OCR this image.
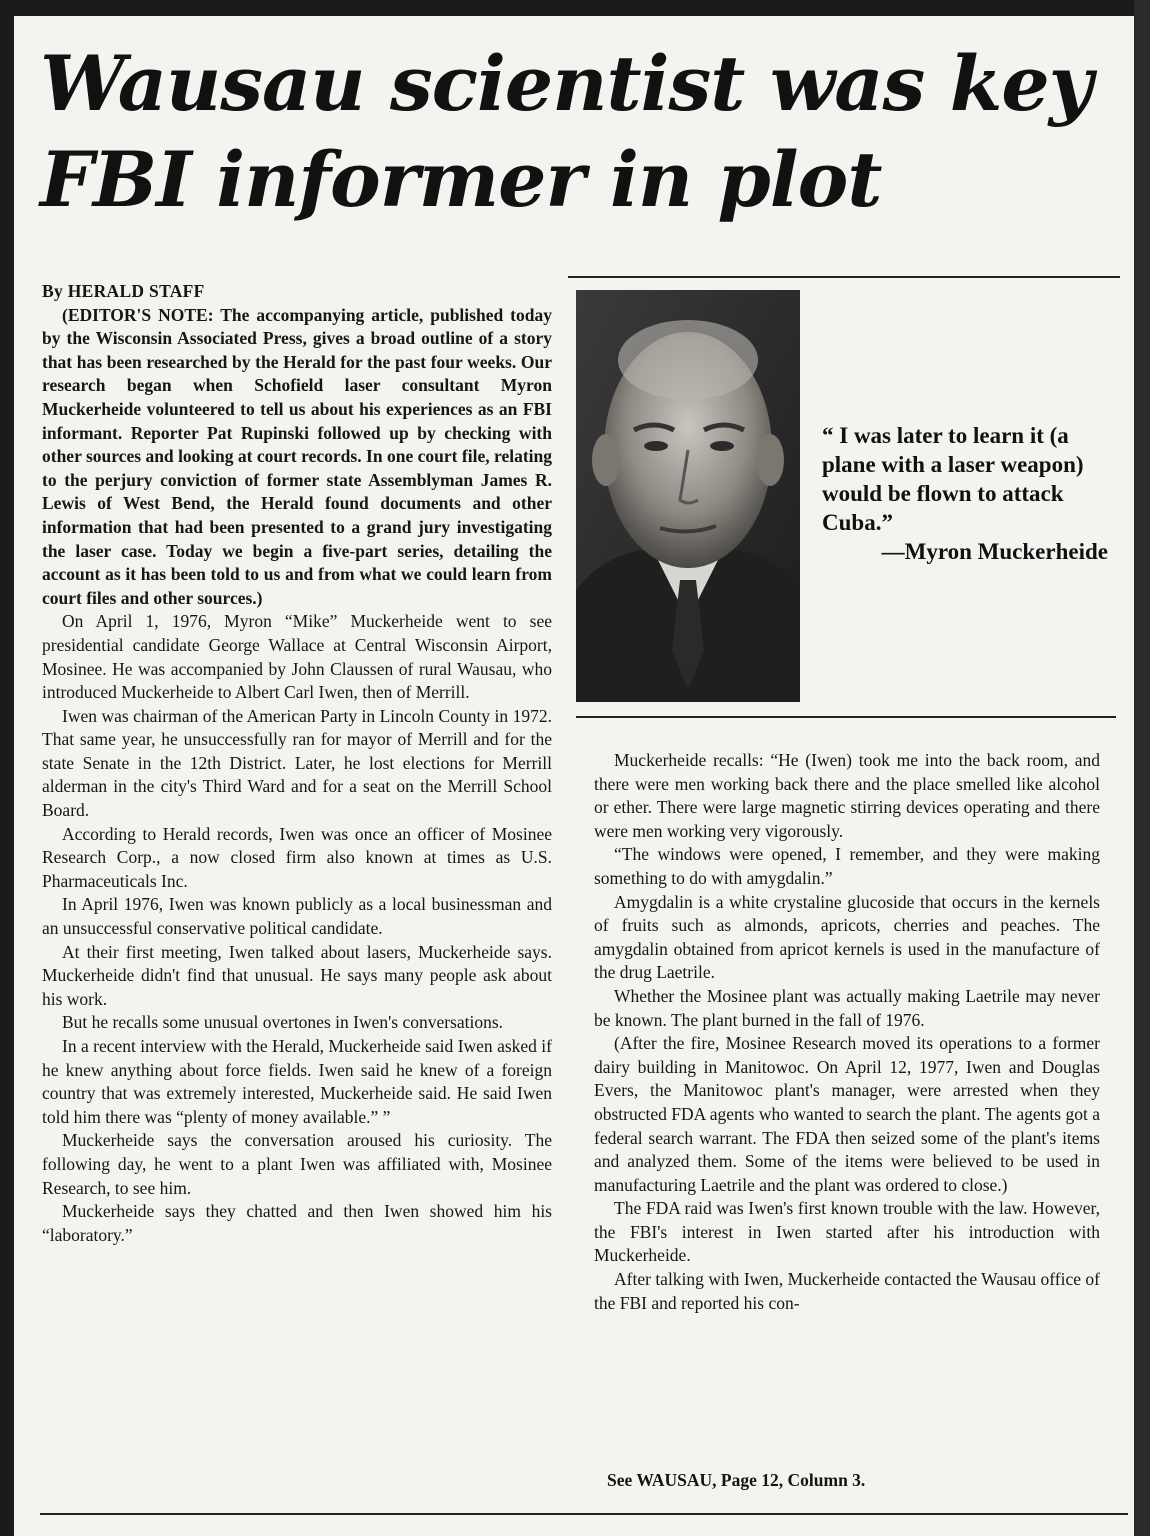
Wausau scientist was key
FBI informer in plot

By HERALD STAFF

(EDITOR'S NOTE: The accompanying article, published today by the Wisconsin Associated Press, gives a broad outline of a story that has been researched by the Herald for the past four weeks. Our research began when Schofield laser consultant Myron Muckerheide volunteered to tell us about his experiences as an FBI informant. Reporter Pat Rupinski followed up by checking with other sources and looking at court records. In one court file, relating to the perjury conviction of former state Assemblyman James R. Lewis of West Bend, the Herald found documents and other information that had been presented to a grand jury investigating the laser case. Today we begin a five-part series, detailing the account as it has been told to us and from what we could learn from court files and other sources.)

On April 1, 1976, Myron “Mike” Muckerheide went to see presidential candidate George Wallace at Central Wisconsin Airport, Mosinee. He was accompanied by John Claussen of rural Wausau, who introduced Muckerheide to Albert Carl Iwen, then of Merrill.

Iwen was chairman of the American Party in Lincoln County in 1972. That same year, he unsuccessfully ran for mayor of Merrill and for the state Senate in the 12th District. Later, he lost elections for Merrill alderman in the city's Third Ward and for a seat on the Merrill School Board.

According to Herald records, Iwen was once an officer of Mosinee Research Corp., a now closed firm also known at times as U.S. Pharmaceuticals Inc.

In April 1976, Iwen was known publicly as a local businessman and an unsuccessful conservative political candidate.

At their first meeting, Iwen talked about lasers, Muckerheide says. Muckerheide didn't find that unusual. He says many people ask about his work.

But he recalls some unusual overtones in Iwen's conversations.

In a recent interview with the Herald, Muckerheide said Iwen asked if he knew anything about force fields. Iwen said he knew of a foreign country that was extremely interested, Muckerheide said. He said Iwen told him there was “plenty of money available.” ”

Muckerheide says the conversation aroused his curiosity. The following day, he went to a plant Iwen was affiliated with, Mosinee Research, to see him.

Muckerheide says they chatted and then Iwen showed him his “laboratory.”

“ I was later to learn it (a plane with a laser weapon) would be flown to attack Cuba.”
—Myron Muckerheide

Muckerheide recalls: “He (Iwen) took me into the back room, and there were men working back there and the place smelled like alcohol or ether. There were large magnetic stirring devices operating and there were men working very vigorously.

“The windows were opened, I remember, and they were making something to do with amygdalin.”

Amygdalin is a white crystaline glucoside that occurs in the kernels of fruits such as almonds, apricots, cherries and peaches. The amygdalin obtained from apricot kernels is used in the manufacture of the drug Laetrile.

Whether the Mosinee plant was actually making Laetrile may never be known. The plant burned in the fall of 1976.

(After the fire, Mosinee Research moved its operations to a former dairy building in Manitowoc. On April 12, 1977, Iwen and Douglas Evers, the Manitowoc plant's manager, were arrested when they obstructed FDA agents who wanted to search the plant. The agents got a federal search warrant. The FDA then seized some of the plant's items and analyzed them. Some of the items were believed to be used in manufacturing Laetrile and the plant was ordered to close.)

The FDA raid was Iwen's first known trouble with the law. However, the FBI's interest in Iwen started after his introduction with Muckerheide.

After talking with Iwen, Muckerheide contacted the Wausau office of the FBI and reported his con-

See WAUSAU, Page 12, Column 3.
